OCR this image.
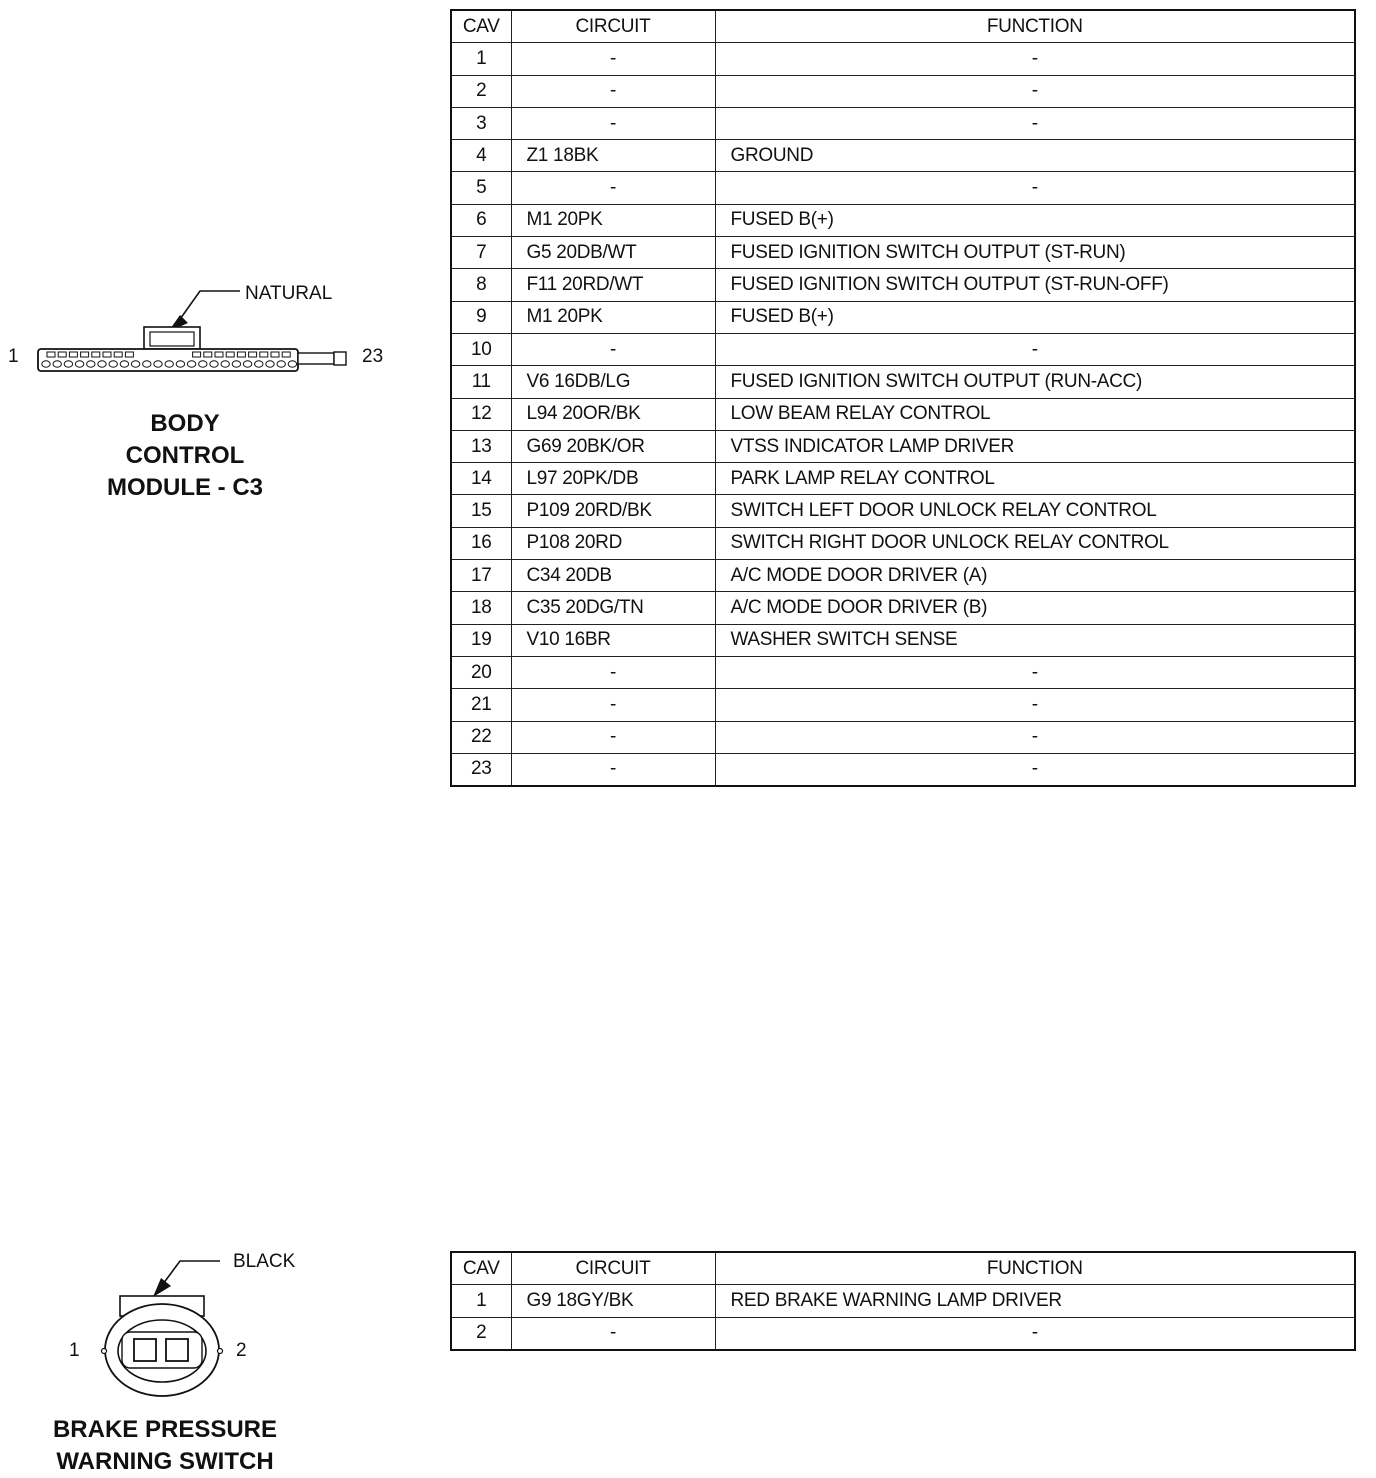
NATURAL
1	23
BODY
CONTROL
MODULE - C3
CAV	CIRCUIT	FUNCTION
1	-	-
2	-	-
3	-	-
4	Z1 18BK	GROUND
5	-	-
6	M1 20PK	FUSED B(+)
7	G5 20DB/WT	FUSED IGNITION SWITCH OUTPUT (ST-RUN)
8	F11 20RD/WT	FUSED IGNITION SWITCH OUTPUT (ST-RUN-OFF)
9	M1 20PK	FUSED B(+)
10	-	-
11	V6 16DB/LG	FUSED IGNITION SWITCH OUTPUT (RUN-ACC)
12	L94 20OR/BK	LOW BEAM RELAY CONTROL
13	G69 20BK/OR	VTSS INDICATOR LAMP DRIVER
14	L97 20PK/DB	PARK LAMP RELAY CONTROL
15	P109 20RD/BK	SWITCH LEFT DOOR UNLOCK RELAY CONTROL
16	P108 20RD	SWITCH RIGHT DOOR UNLOCK RELAY CONTROL
17	C34 20DB	A/C MODE DOOR DRIVER (A)
18	C35 20DG/TN	A/C MODE DOOR DRIVER (B)
19	V10 16BR	WASHER SWITCH SENSE
20	-	-
21	-	-
22	-	-
23	-	-
BLACK
1	2
BRAKE PRESSURE
WARNING SWITCH
CAV	CIRCUIT	FUNCTION
1	G9 18GY/BK	RED BRAKE WARNING LAMP DRIVER
2	-	-
